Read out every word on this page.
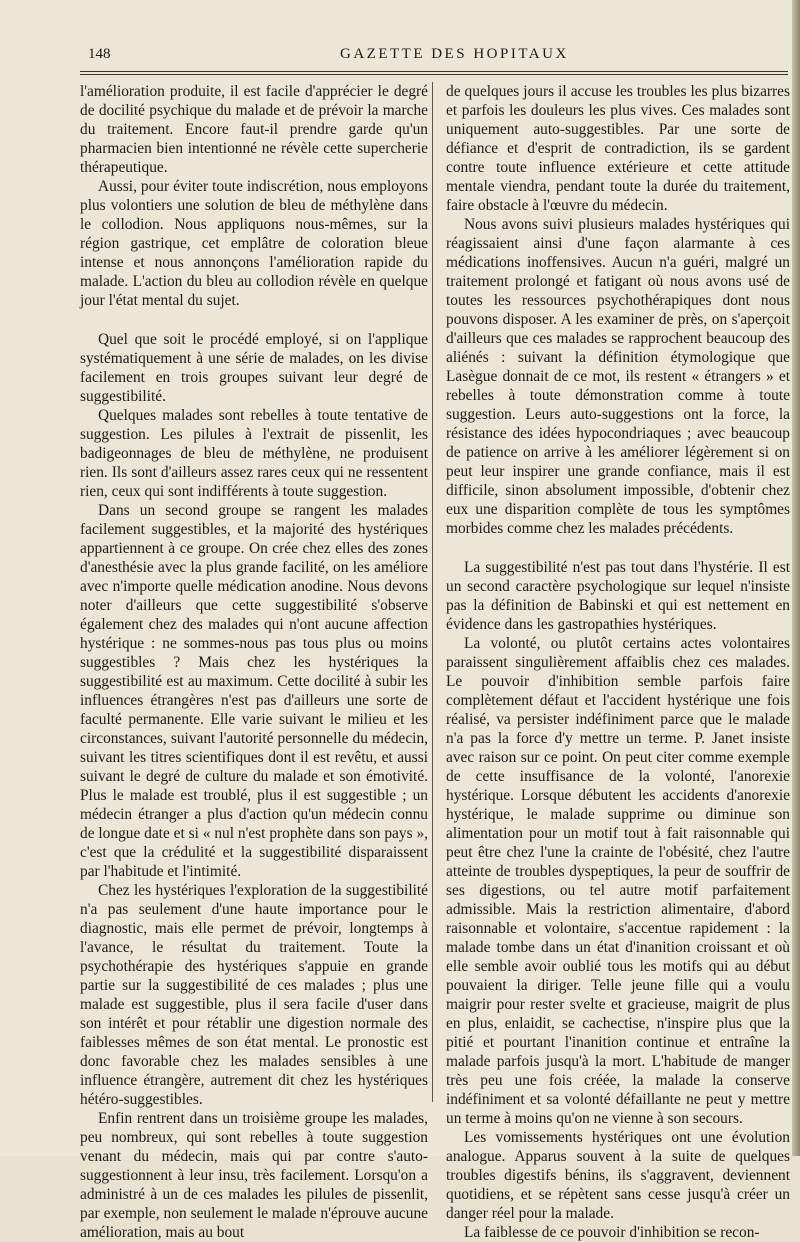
148	GAZETTE DES HOPITAUX

l'amélioration produite, il est facile d'apprécier le degré de docilité psychique du malade et de prévoir la marche du traitement. Encore faut-il prendre garde qu'un pharmacien bien intentionné ne révèle cette supercherie thérapeutique.

Aussi, pour éviter toute indiscrétion, nous employons plus volontiers une solution de bleu de méthylène dans le collodion. Nous appliquons nous-mêmes, sur la région gastrique, cet emplâtre de coloration bleue intense et nous annonçons l'amélioration rapide du malade. L'action du bleu au collodion révèle en quelque jour l'état mental du sujet.

Quel que soit le procédé employé, si on l'applique systématiquement à une série de malades, on les divise facilement en trois groupes suivant leur degré de suggestibilité.

Quelques malades sont rebelles à toute tentative de suggestion. Les pilules à l'extrait de pissenlit, les badigeonnages de bleu de méthylène, ne produisent rien. Ils sont d'ailleurs assez rares ceux qui ne ressentent rien, ceux qui sont indifférents à toute suggestion.

Dans un second groupe se rangent les malades facilement suggestibles, et la majorité des hystériques appartiennent à ce groupe. On crée chez elles des zones d'anesthésie avec la plus grande facilité, on les améliore avec n'importe quelle médication anodine. Nous devons noter d'ailleurs que cette suggestibilité s'observe également chez des malades qui n'ont aucune affection hystérique : ne sommes-nous pas tous plus ou moins suggestibles ? Mais chez les hystériques la suggestibilité est au maximum. Cette docilité à subir les influences étrangères n'est pas d'ailleurs une sorte de faculté permanente. Elle varie suivant le milieu et les circonstances, suivant l'autorité personnelle du médecin, suivant les titres scientifiques dont il est revêtu, et aussi suivant le degré de culture du malade et son émotivité. Plus le malade est troublé, plus il est suggestible ; un médecin étranger a plus d'action qu'un médecin connu de longue date et si « nul n'est prophète dans son pays », c'est que la crédulité et la suggestibilité disparaissent par l'habitude et l'intimité.

Chez les hystériques l'exploration de la suggestibilité n'a pas seulement d'une haute importance pour le diagnostic, mais elle permet de prévoir, longtemps à l'avance, le résultat du traitement. Toute la psychothérapie des hystériques s'appuie en grande partie sur la suggestibilité de ces malades ; plus une malade est suggestible, plus il sera facile d'user dans son intérêt et pour rétablir une digestion normale des faiblesses mêmes de son état mental. Le pronostic est donc favorable chez les malades sensibles à une influence étrangère, autrement dit chez les hystériques hétéro-suggestibles.

Enfin rentrent dans un troisième groupe les malades, peu nombreux, qui sont rebelles à toute suggestion venant du médecin, mais qui par contre s'auto-suggestionnent à leur insu, très facilement. Lorsqu'on a administré à un de ces malades les pilules de pissenlit, par exemple, non seulement le malade n'éprouve aucune amélioration, mais au bout

de quelques jours il accuse les troubles les plus bizarres et parfois les douleurs les plus vives. Ces malades sont uniquement auto-suggestibles. Par une sorte de défiance et d'esprit de contradiction, ils se gardent contre toute influence extérieure et cette attitude mentale viendra, pendant toute la durée du traitement, faire obstacle à l'œuvre du médecin.

Nous avons suivi plusieurs malades hystériques qui réagissaient ainsi d'une façon alarmante à ces médications inoffensives. Aucun n'a guéri, malgré un traitement prolongé et fatigant où nous avons usé de toutes les ressources psychothérapiques dont nous pouvons disposer. A les examiner de près, on s'aperçoit d'ailleurs que ces malades se rapprochent beaucoup des aliénés : suivant la définition étymologique que Lasègue donnait de ce mot, ils restent « étrangers » et rebelles à toute démonstration comme à toute suggestion. Leurs auto-suggestions ont la force, la résistance des idées hypocondriaques ; avec beaucoup de patience on arrive à les améliorer légèrement si on peut leur inspirer une grande confiance, mais il est difficile, sinon absolument impossible, d'obtenir chez eux une disparition complète de tous les symptômes morbides comme chez les malades précédents.

La suggestibilité n'est pas tout dans l'hystérie. Il est un second caractère psychologique sur lequel n'insiste pas la définition de Babinski et qui est nettement en évidence dans les gastropathies hystériques.

La volonté, ou plutôt certains actes volontaires paraissent singulièrement affaiblis chez ces malades. Le pouvoir d'inhibition semble parfois faire complètement défaut et l'accident hystérique une fois réalisé, va persister indéfiniment parce que le malade n'a pas la force d'y mettre un terme. P. Janet insiste avec raison sur ce point. On peut citer comme exemple de cette insuffisance de la volonté, l'anorexie hystérique. Lorsque débutent les accidents d'anorexie hystérique, le malade supprime ou diminue son alimentation pour un motif tout à fait raisonnable qui peut être chez l'une la crainte de l'obésité, chez l'autre atteinte de troubles dyspeptiques, la peur de souffrir de ses digestions, ou tel autre motif parfaitement admissible. Mais la restriction alimentaire, d'abord raisonnable et volontaire, s'accentue rapidement : la malade tombe dans un état d'inanition croissant et où elle semble avoir oublié tous les motifs qui au début pouvaient la diriger. Telle jeune fille qui a voulu maigrir pour rester svelte et gracieuse, maigrit de plus en plus, enlaidit, se cachectise, n'inspire plus que la pitié et pourtant l'inanition continue et entraîne la malade parfois jusqu'à la mort. L'habitude de manger très peu une fois créée, la malade la conserve indéfiniment et sa volonté défaillante ne peut y mettre un terme à moins qu'on ne vienne à son secours.

Les vomissements hystériques ont une évolution analogue. Apparus souvent à la suite de quelques troubles digestifs bénins, ils s'aggravent, deviennent quotidiens, et se répètent sans cesse jusqu'à créer un danger réel pour la malade.

La faiblesse de ce pouvoir d'inhibition se recon-
